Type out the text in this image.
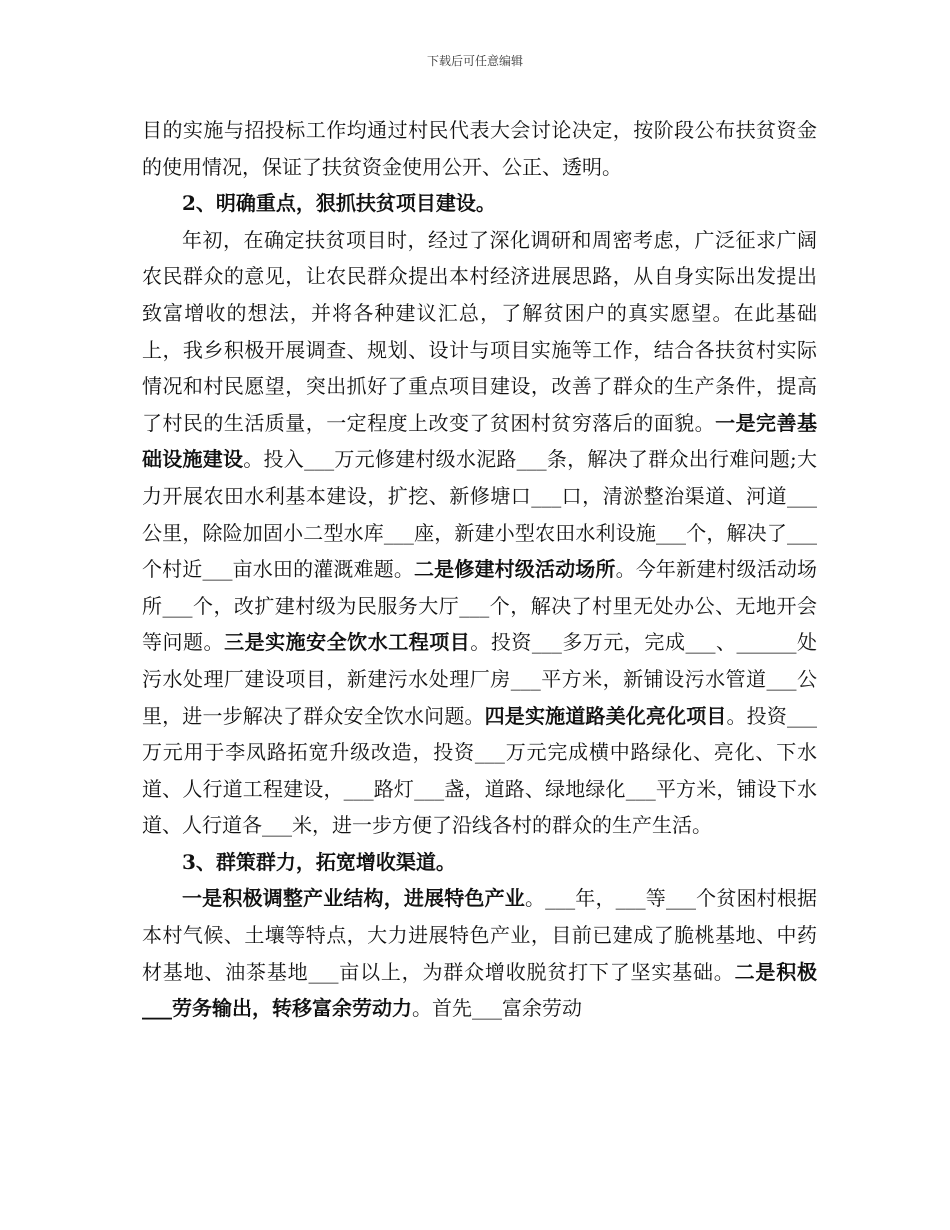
下载后可任意编辑

目的实施与招投标工作均通过村民代表大会讨论决定，按阶段公布扶贫资金的使用情况，保证了扶贫资金使用公开、公正、透明。

2、明确重点，狠抓扶贫项目建设。

年初，在确定扶贫项目时，经过了深化调研和周密考虑，广泛征求广阔农民群众的意见，让农民群众提出本村经济进展思路，从自身实际出发提出致富增收的想法，并将各种建议汇总，了解贫困户的真实愿望。在此基础上，我乡积极开展调查、规划、设计与项目实施等工作，结合各扶贫村实际情况和村民愿望，突出抓好了重点项目建设，改善了群众的生产条件，提高了村民的生活质量，一定程度上改变了贫困村贫穷落后的面貌。一是完善基础设施建设。投入___万元修建村级水泥路___条，解决了群众出行难问题;大力开展农田水利基本建设，扩挖、新修塘口___口，清淤整治渠道、河道___公里，除险加固小二型水库___座，新建小型农田水利设施___个，解决了___个村近___亩水田的灌溉难题。二是修建村级活动场所。今年新建村级活动场所___个，改扩建村级为民服务大厅___个，解决了村里无处办公、无地开会等问题。三是实施安全饮水工程项目。投资___多万元，完成___、______处污水处理厂建设项目，新建污水处理厂房___平方米，新铺设污水管道___公里，进一步解决了群众安全饮水问题。四是实施道路美化亮化项目。投资___万元用于李凤路拓宽升级改造，投资___万元完成横中路绿化、亮化、下水道、人行道工程建设，___路灯___盏，道路、绿地绿化___平方米，铺设下水道、人行道各___米，进一步方便了沿线各村的群众的生产生活。

3、群策群力，拓宽增收渠道。

一是积极调整产业结构，进展特色产业。___年，___等___个贫困村根据本村气候、土壤等特点，大力进展特色产业，目前已建成了脆桃基地、中药材基地、油茶基地___亩以上，为群众增收脱贫打下了坚实基础。二是积极___劳务输出，转移富余劳动力。首先___富余劳动
